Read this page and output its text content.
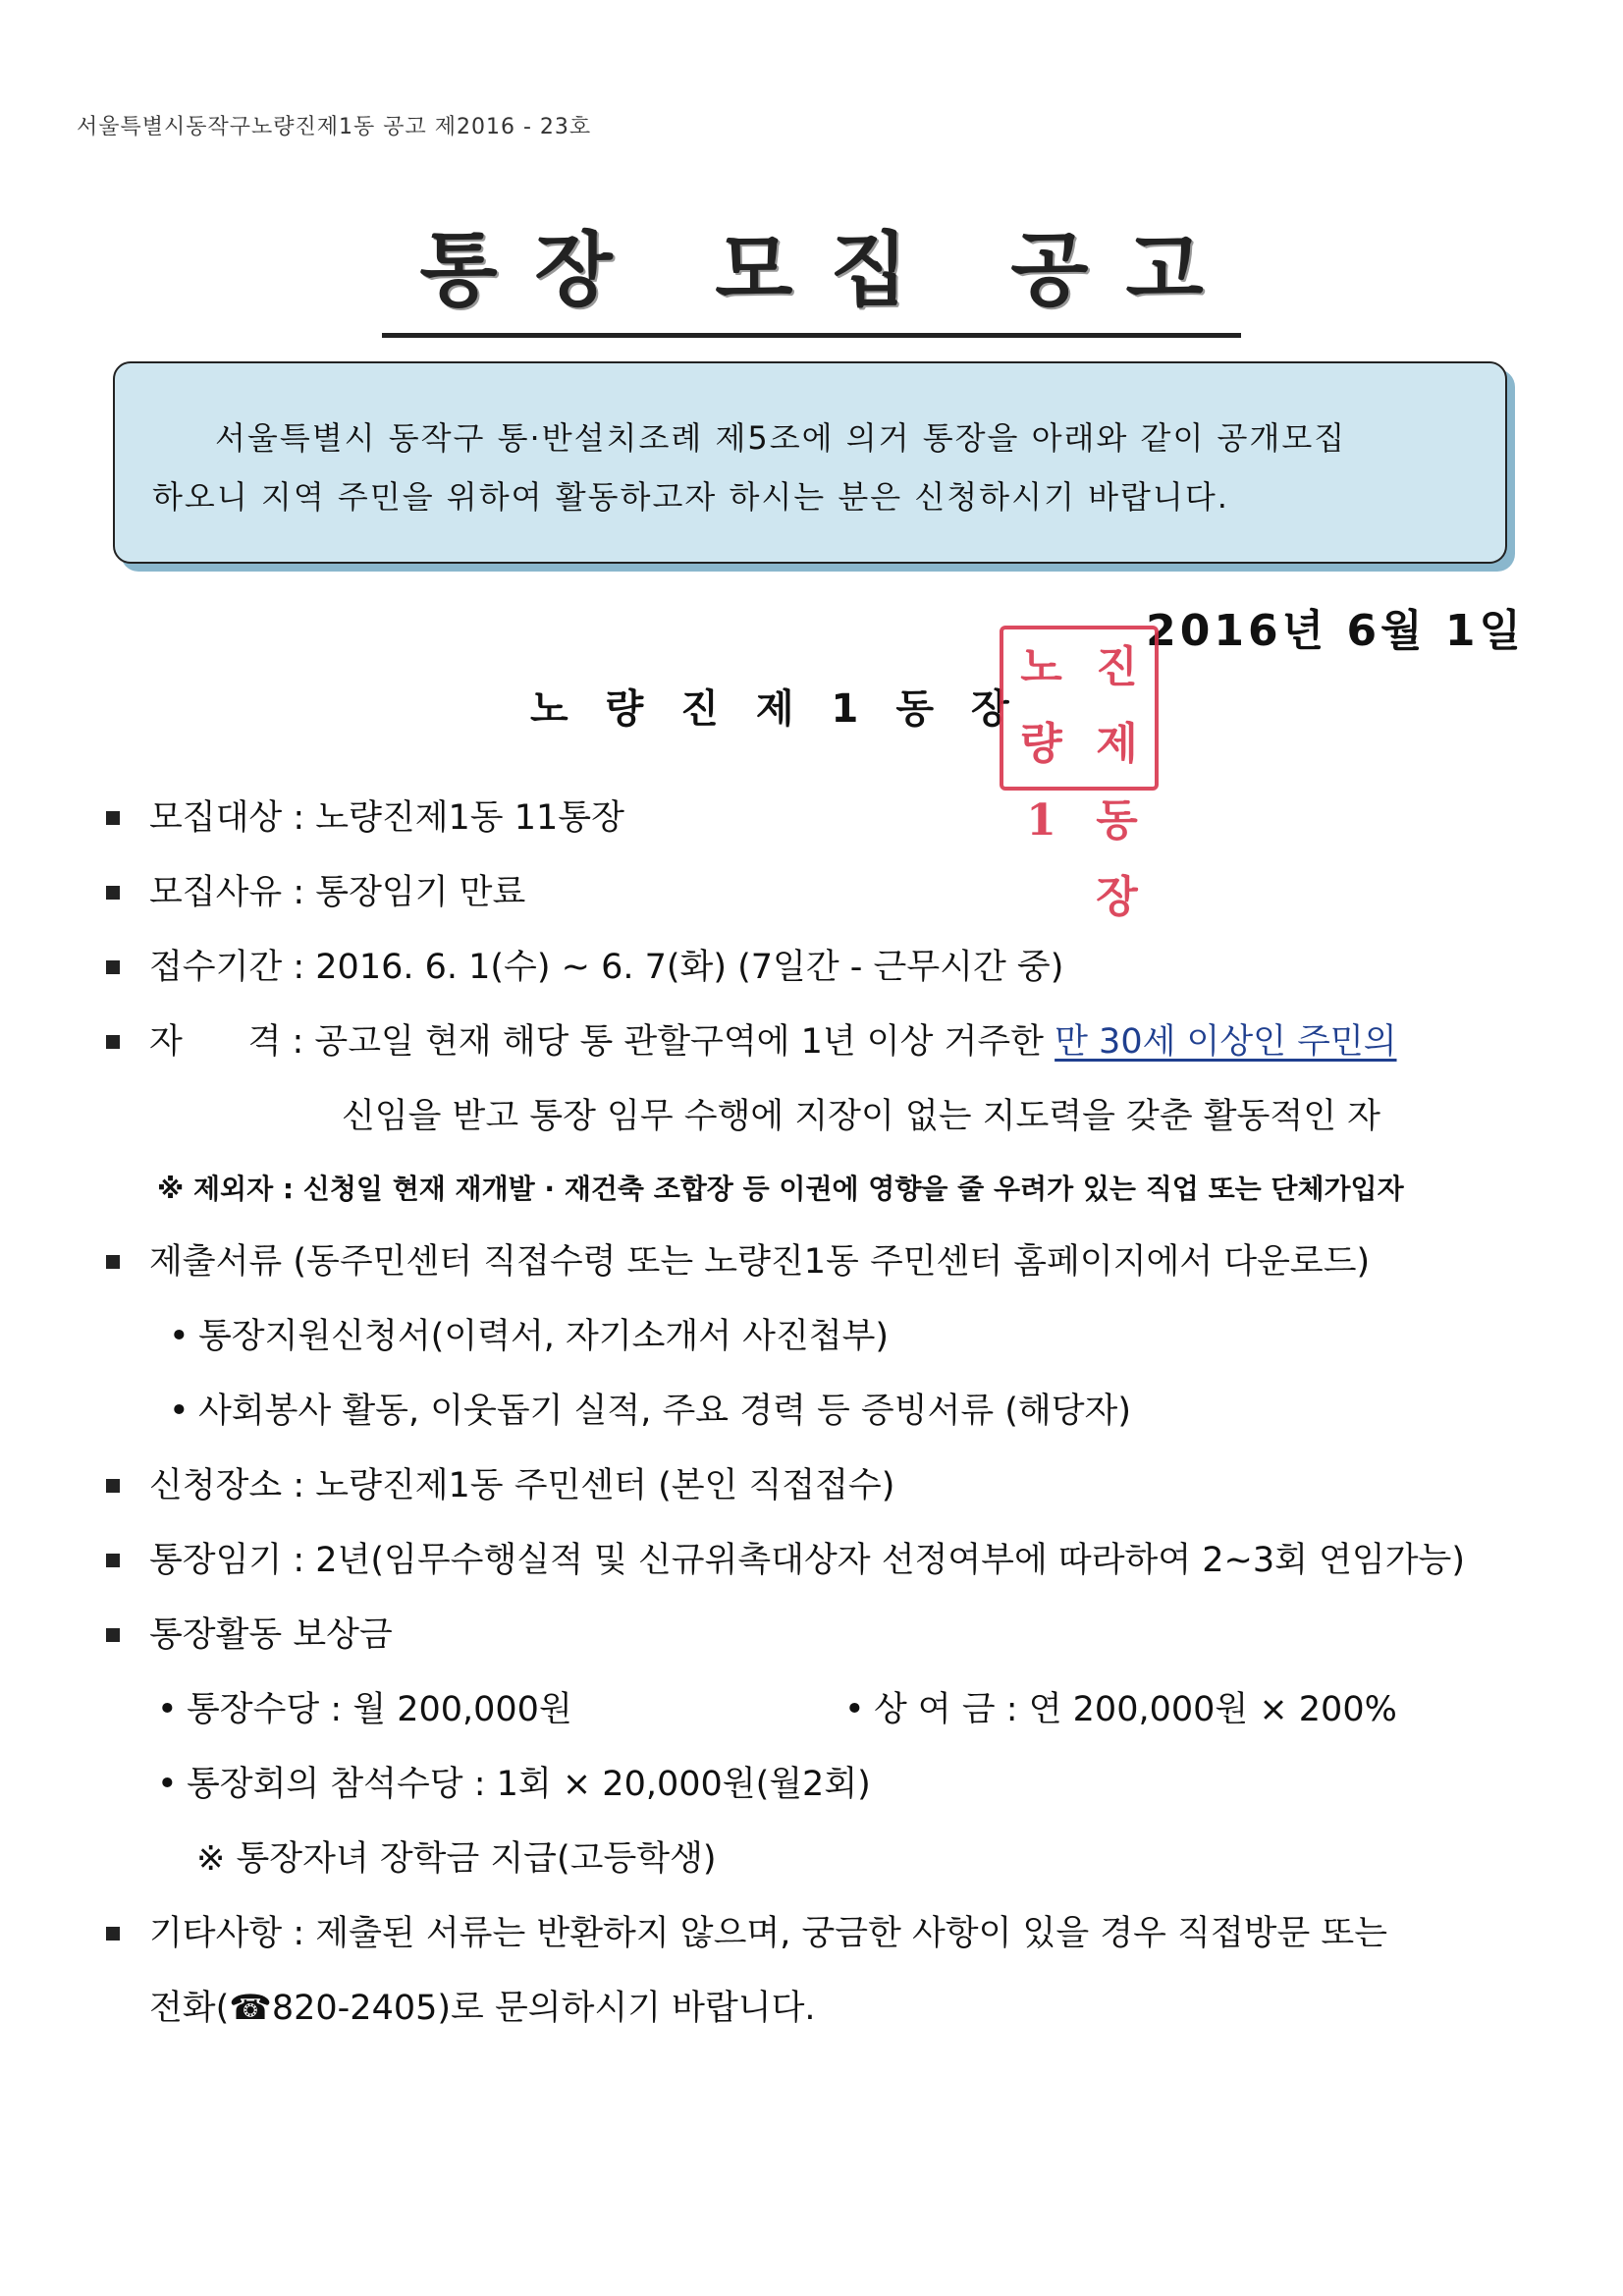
서울특별시동작구노량진제1동 공고 제2016 - 23호
통장 모집 공고

서울특별시 동작구 통·반설치조례 제5조에 의거 통장을 아래와 같이 공개모집

하오니 지역 주민을 위하여 활동하고자 하시는 분은 신청하시기 바랍니다.

2016년 6월 1일
노량진제1동장
노량
진제
1 동장
모집대상 : 노량진제1동 11통장
모집사유 : 통장임기 만료
접수기간 : 2016. 6. 1(수) ~ 6. 7(화) (7일간 - 근무시간 중)
자      격 : 공고일 현재 해당 통 관할구역에 1년 이상 거주한 만 30세 이상인 주민의
신임을 받고 통장 임무 수행에 지장이 없는 지도력을 갖춘 활동적인 자
※ 제외자 : 신청일 현재 재개발 · 재건축 조합장 등 이권에 영향을 줄 우려가 있는 직업 또는 단체가입자
제출서류 (동주민센터 직접수령 또는 노량진1동 주민센터 홈페이지에서 다운로드)
• 통장지원신청서(이력서, 자기소개서 사진첩부)
• 사회봉사 활동, 이웃돕기 실적, 주요 경력 등 증빙서류 (해당자)
신청장소 : 노량진제1동 주민센터 (본인 직접접수)
통장임기 : 2년(임무수행실적 및 신규위촉대상자 선정여부에 따라하여 2~3회 연임가능)
통장활동 보상금
• 통장수당 : 월 200,000원	• 상 여 금 : 연 200,000원 × 200%
• 통장회의 참석수당 : 1회 × 20,000원(월2회)
※ 통장자녀 장학금 지급(고등학생)
기타사항 : 제출된 서류는 반환하지 않으며, 궁금한 사항이 있을 경우 직접방문 또는
전화(☎820-2405)로 문의하시기 바랍니다.
